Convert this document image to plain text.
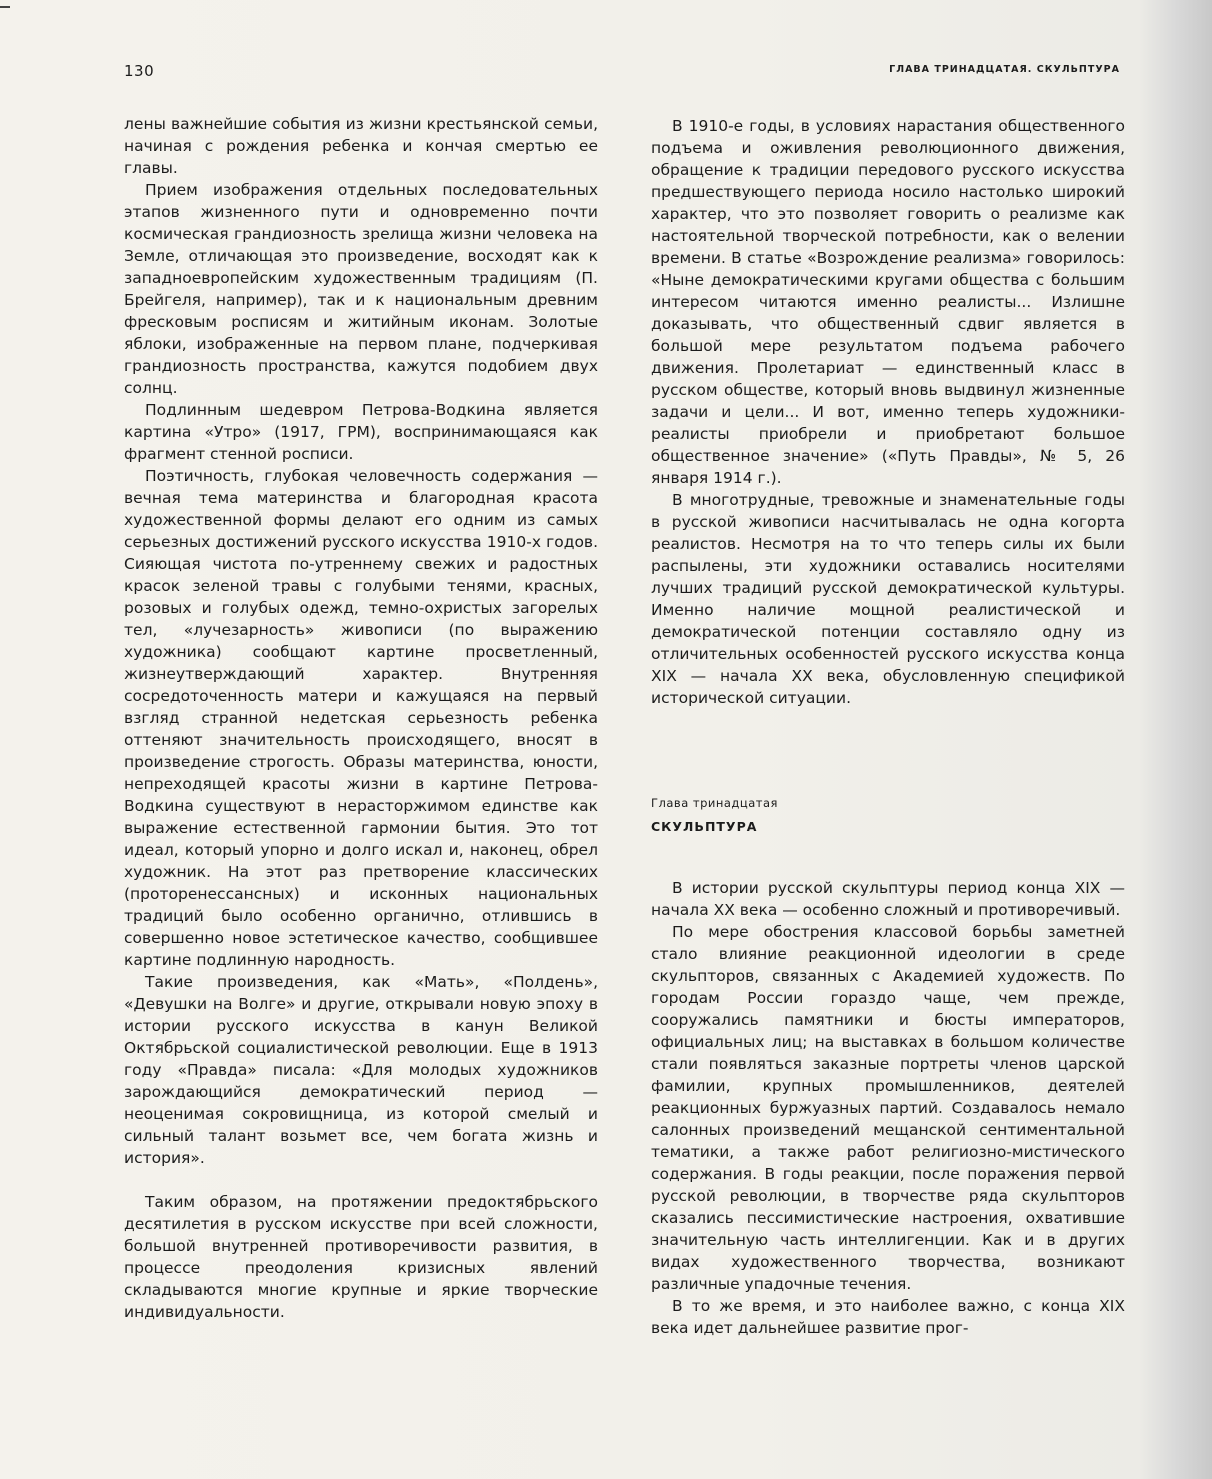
130	ГЛАВА ТРИНАДЦАТАЯ. СКУЛЬПТУРА

лены важнейшие события из жизни крестьянской семьи, начиная с рождения ребенка и кончая смертью ее главы.

Прием изображения отдельных последовательных этапов жизненного пути и одновременно почти космическая грандиозность зрелища жизни человека на Земле, отличающая это произведение, восходят как к западноевропейским художественным традициям (П. Брейгеля, например), так и к национальным древним фресковым росписям и житийным иконам. Золотые яблоки, изображенные на первом плане, подчеркивая грандиозность пространства, кажутся подобием двух солнц.

Подлинным шедевром Петрова-Водкина является картина «Утро» (1917, ГРМ), воспринимающаяся как фрагмент стенной росписи.

Поэтичность, глубокая человечность содержания — вечная тема материнства и благородная красота художественной формы делают его одним из самых серьезных достижений русского искусства 1910-х годов. Сияющая чистота по-утреннему свежих и радостных красок зеленой травы с голубыми тенями, красных, розовых и голубых одежд, темно-охристых загорелых тел, «лучезарность» живописи (по выражению художника) сообщают картине просветленный, жизнеутверждающий характер. Внутренняя сосредоточенность матери и кажущаяся на первый взгляд странной недетская серьезность ребенка оттеняют значительность происходящего, вносят в произведение строгость. Образы материнства, юности, непреходящей красоты жизни в картине Петрова-Водкина существуют в нерасторжимом единстве как выражение естественной гармонии бытия. Это тот идеал, который упорно и долго искал и, наконец, обрел художник. На этот раз претворение классических (проторенессансных) и исконных национальных традиций было особенно органично, отлившись в совершенно новое эстетическое качество, сообщившее картине подлинную народность.

Такие произведения, как «Мать», «Полдень», «Девушки на Волге» и другие, открывали новую эпоху в истории русского искусства в канун Великой Октябрьской социалистической революции. Еще в 1913 году «Правда» писала: «Для молодых художников зарождающийся демократический период — неоценимая сокровищница, из которой смелый и сильный талант возьмет все, чем богата жизнь и история».

Таким образом, на протяжении предоктябрьского десятилетия в русском искусстве при всей сложности, большой внутренней противоречивости развития, в процессе преодоления кризисных явлений складываются многие крупные и яркие творческие индивидуальности.

В 1910-е годы, в условиях нарастания общественного подъема и оживления революционного движения, обращение к традиции передового русского искусства предшествующего периода носило настолько широкий характер, что это позволяет говорить о реализме как настоятельной творческой потребности, как о велении времени. В статье «Возрождение реализма» говорилось: «Ныне демократическими кругами общества с большим интересом читаются именно реалисты... Излишне доказывать, что общественный сдвиг является в большой мере результатом подъема рабочего движения. Пролетариат — единственный класс в русском обществе, который вновь выдвинул жизненные задачи и цели... И вот, именно теперь художники-реалисты приобрели и приобретают большое общественное значение» («Путь Правды», № 5, 26 января 1914 г.).

В многотрудные, тревожные и знаменательные годы в русской живописи насчитывалась не одна когорта реалистов. Несмотря на то что теперь силы их были распылены, эти художники оставались носителями лучших традиций русской демократической культуры. Именно наличие мощной реалистической и демократической потенции составляло одну из отличительных особенностей русского искусства конца XIX — начала XX века, обусловленную спецификой исторической ситуации.

Глава тринадцатая
СКУЛЬПТУРА

В истории русской скульптуры период конца XIX — начала XX века — особенно сложный и противоречивый.

По мере обострения классовой борьбы заметней стало влияние реакционной идеологии в среде скульпторов, связанных с Академией художеств. По городам России гораздо чаще, чем прежде, сооружались памятники и бюсты императоров, официальных лиц; на выставках в большом количестве стали появляться заказные портреты членов царской фамилии, крупных промышленников, деятелей реакционных буржуазных партий. Создавалось немало салонных произведений мещанской сентиментальной тематики, а также работ религиозно-мистического содержания. В годы реакции, после поражения первой русской революции, в творчестве ряда скульпторов сказались пессимистические настроения, охватившие значительную часть интеллигенции. Как и в других видах художественного творчества, возникают различные упадочные течения.

В то же время, и это наиболее важно, с конца XIX века идет дальнейшее развитие прог-
